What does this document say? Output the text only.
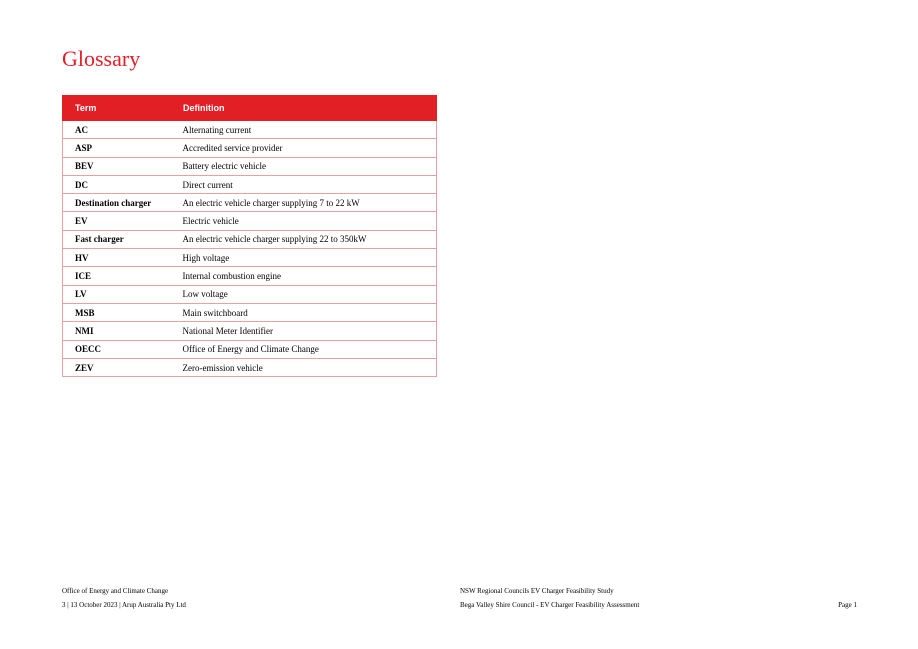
Glossary
Term	Definition
AC	Alternating current
ASP	Accredited service provider
BEV	Battery electric vehicle
DC	Direct current
Destination charger	An electric vehicle charger supplying 7 to 22 kW
EV	Electric vehicle
Fast charger	An electric vehicle charger supplying 22 to 350kW
HV	High voltage
ICE	Internal combustion engine
LV	Low voltage
MSB	Main switchboard
NMI	National Meter Identifier
OECC	Office of Energy and Climate Change
ZEV	Zero-emission vehicle
Office of Energy and Climate Change
3 | 13 October 2023 | Arup Australia Pty Ltd
NSW Regional Councils EV Charger Feasibility Study
Bega Valley Shire Council - EV Charger Feasibility Assessment	Page 1
